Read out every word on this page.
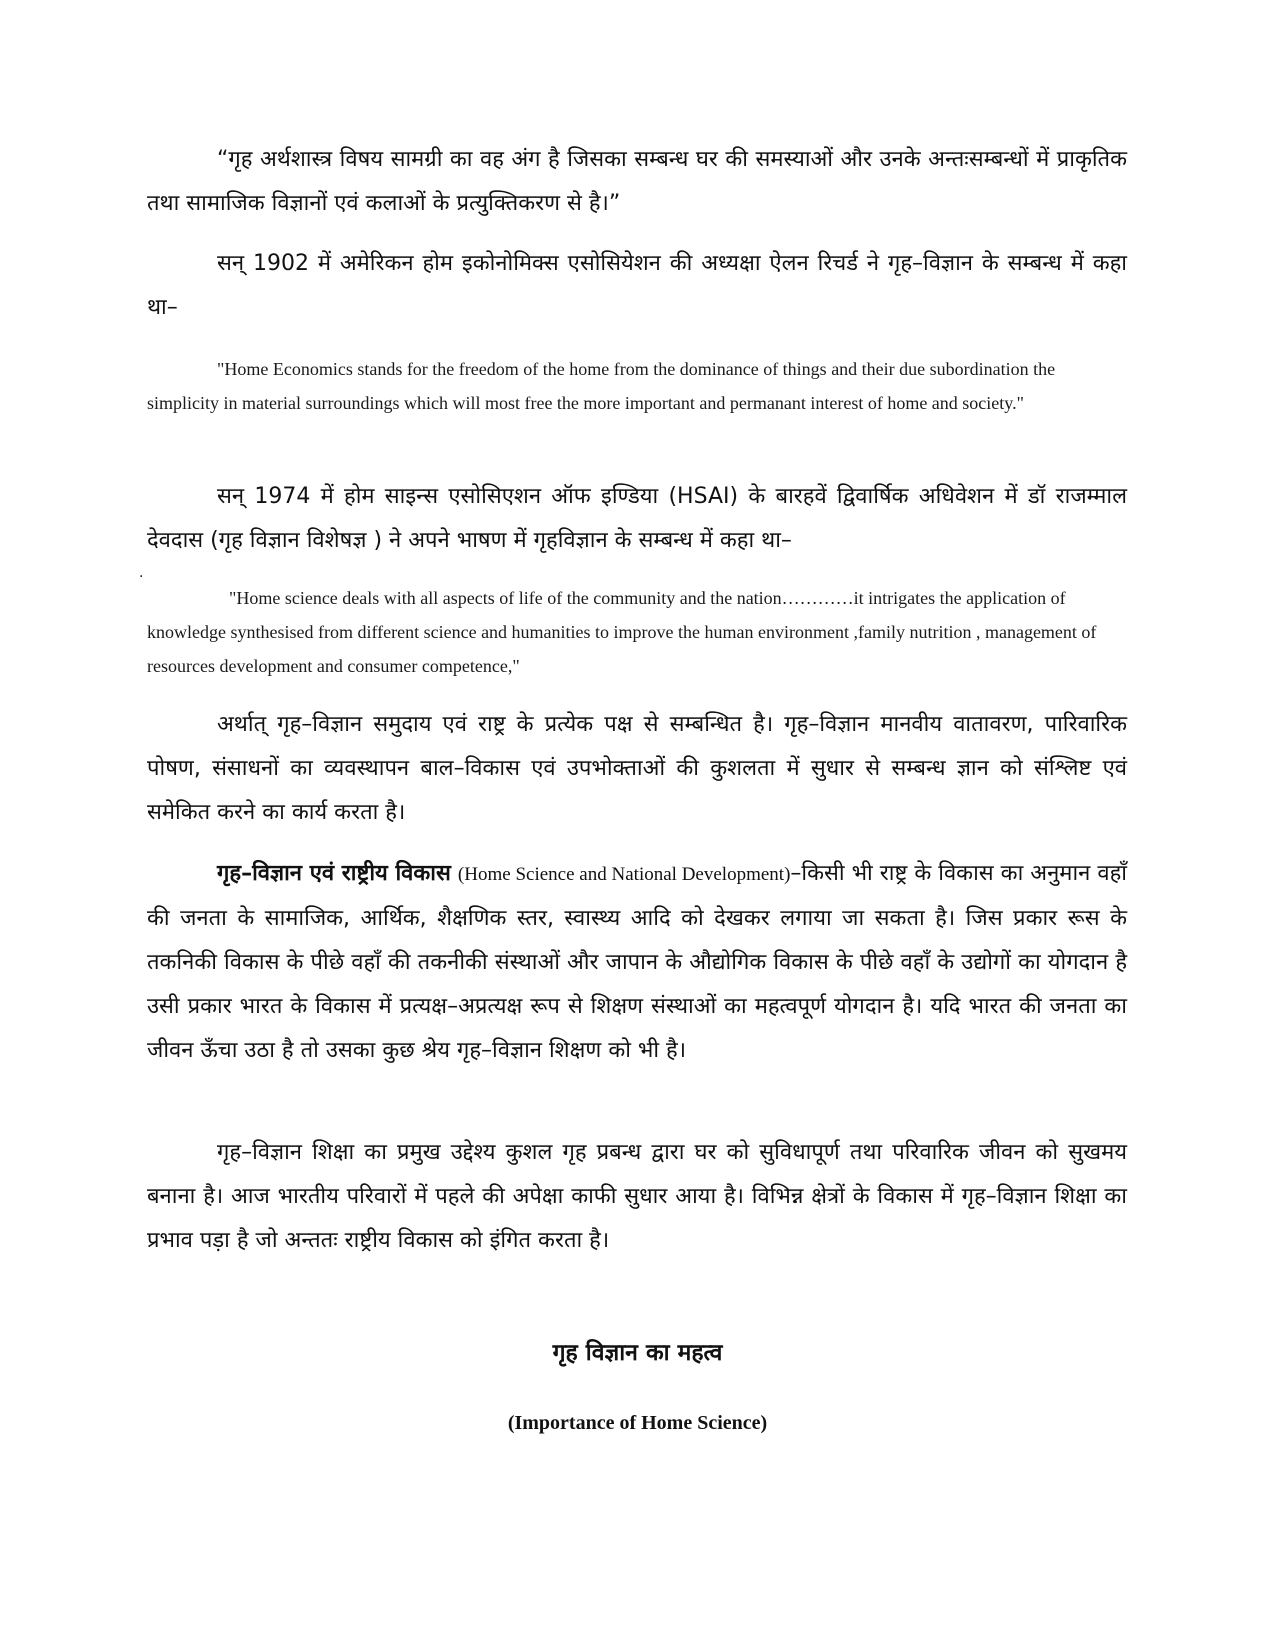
“गृह अर्थशास्त्र विषय सामग्री का वह अंग है जिसका सम्बन्ध घर की समस्याओं और उनके अन्तःसम्बन्धों में प्राकृतिक तथा सामाजिक विज्ञानों एवं कलाओं के प्रत्युक्तिकरण से है।”

सन् 1902 में अमेरिकन होम इकोनोमिक्स एसोसियेशन की अध्यक्षा ऐलन रिचर्ड ने गृह–विज्ञान के सम्बन्ध में कहा था–

"Home Economics stands for the freedom of the home from the dominance of things and their due subordination the simplicity in material surroundings which will most free the more important and permanant interest of home and society."

सन् 1974 में होम साइन्स एसोसिएशन ऑफ इण्डिया (HSAI) के बारहवें द्विवार्षिक अधिवेशन में डॉ राजम्माल देवदास (गृह विज्ञान विशेषज्ञ ) ने अपने भाषण में गृहविज्ञान के सम्बन्ध में कहा था–

.

"Home science deals with all aspects of life of the community and the nation…………it intrigates the application of knowledge synthesised from different science and humanities to improve the human environment ,family nutrition , management of resources development and consumer competence,"

अर्थात् गृह–विज्ञान समुदाय एवं राष्ट्र के प्रत्येक पक्ष से सम्बन्धित है। गृह–विज्ञान मानवीय वातावरण, पारिवारिक पोषण, संसाधनों का व्यवस्थापन बाल–विकास एवं उपभोक्ताओं की कुशलता में सुधार से सम्बन्ध ज्ञान को संश्लिष्ट एवं समेकित करने का कार्य करता है।

गृह–विज्ञान एवं राष्ट्रीय विकास (Home Science and National Development)–किसी भी राष्ट्र के विकास का अनुमान वहाँ की जनता के सामाजिक, आर्थिक, शैक्षणिक स्तर, स्वास्थ्य आदि को देखकर लगाया जा सकता है। जिस प्रकार रूस के तकनिकी विकास के पीछे वहाँ की तकनीकी संस्थाओं और जापान के औद्योगिक विकास के पीछे वहाँ के उद्योगों का योगदान है उसी प्रकार भारत के विकास में प्रत्यक्ष–अप्रत्यक्ष रूप से शिक्षण संस्थाओं का महत्वपूर्ण योगदान है। यदि भारत की जनता का जीवन ऊँचा उठा है तो उसका कुछ श्रेय गृह–विज्ञान शिक्षण को भी है।

गृह–विज्ञान शिक्षा का प्रमुख उद्देश्य कुशल गृह प्रबन्ध द्वारा घर को सुविधापूर्ण तथा परिवारिक जीवन को सुखमय बनाना है। आज भारतीय परिवारों में पहले की अपेक्षा काफी सुधार आया है। विभिन्न क्षेत्रों के विकास में गृह–विज्ञान शिक्षा का प्रभाव पड़ा है जो अन्ततः राष्ट्रीय विकास को इंगित करता है।

गृह विज्ञान का महत्व

(Importance of Home Science)
